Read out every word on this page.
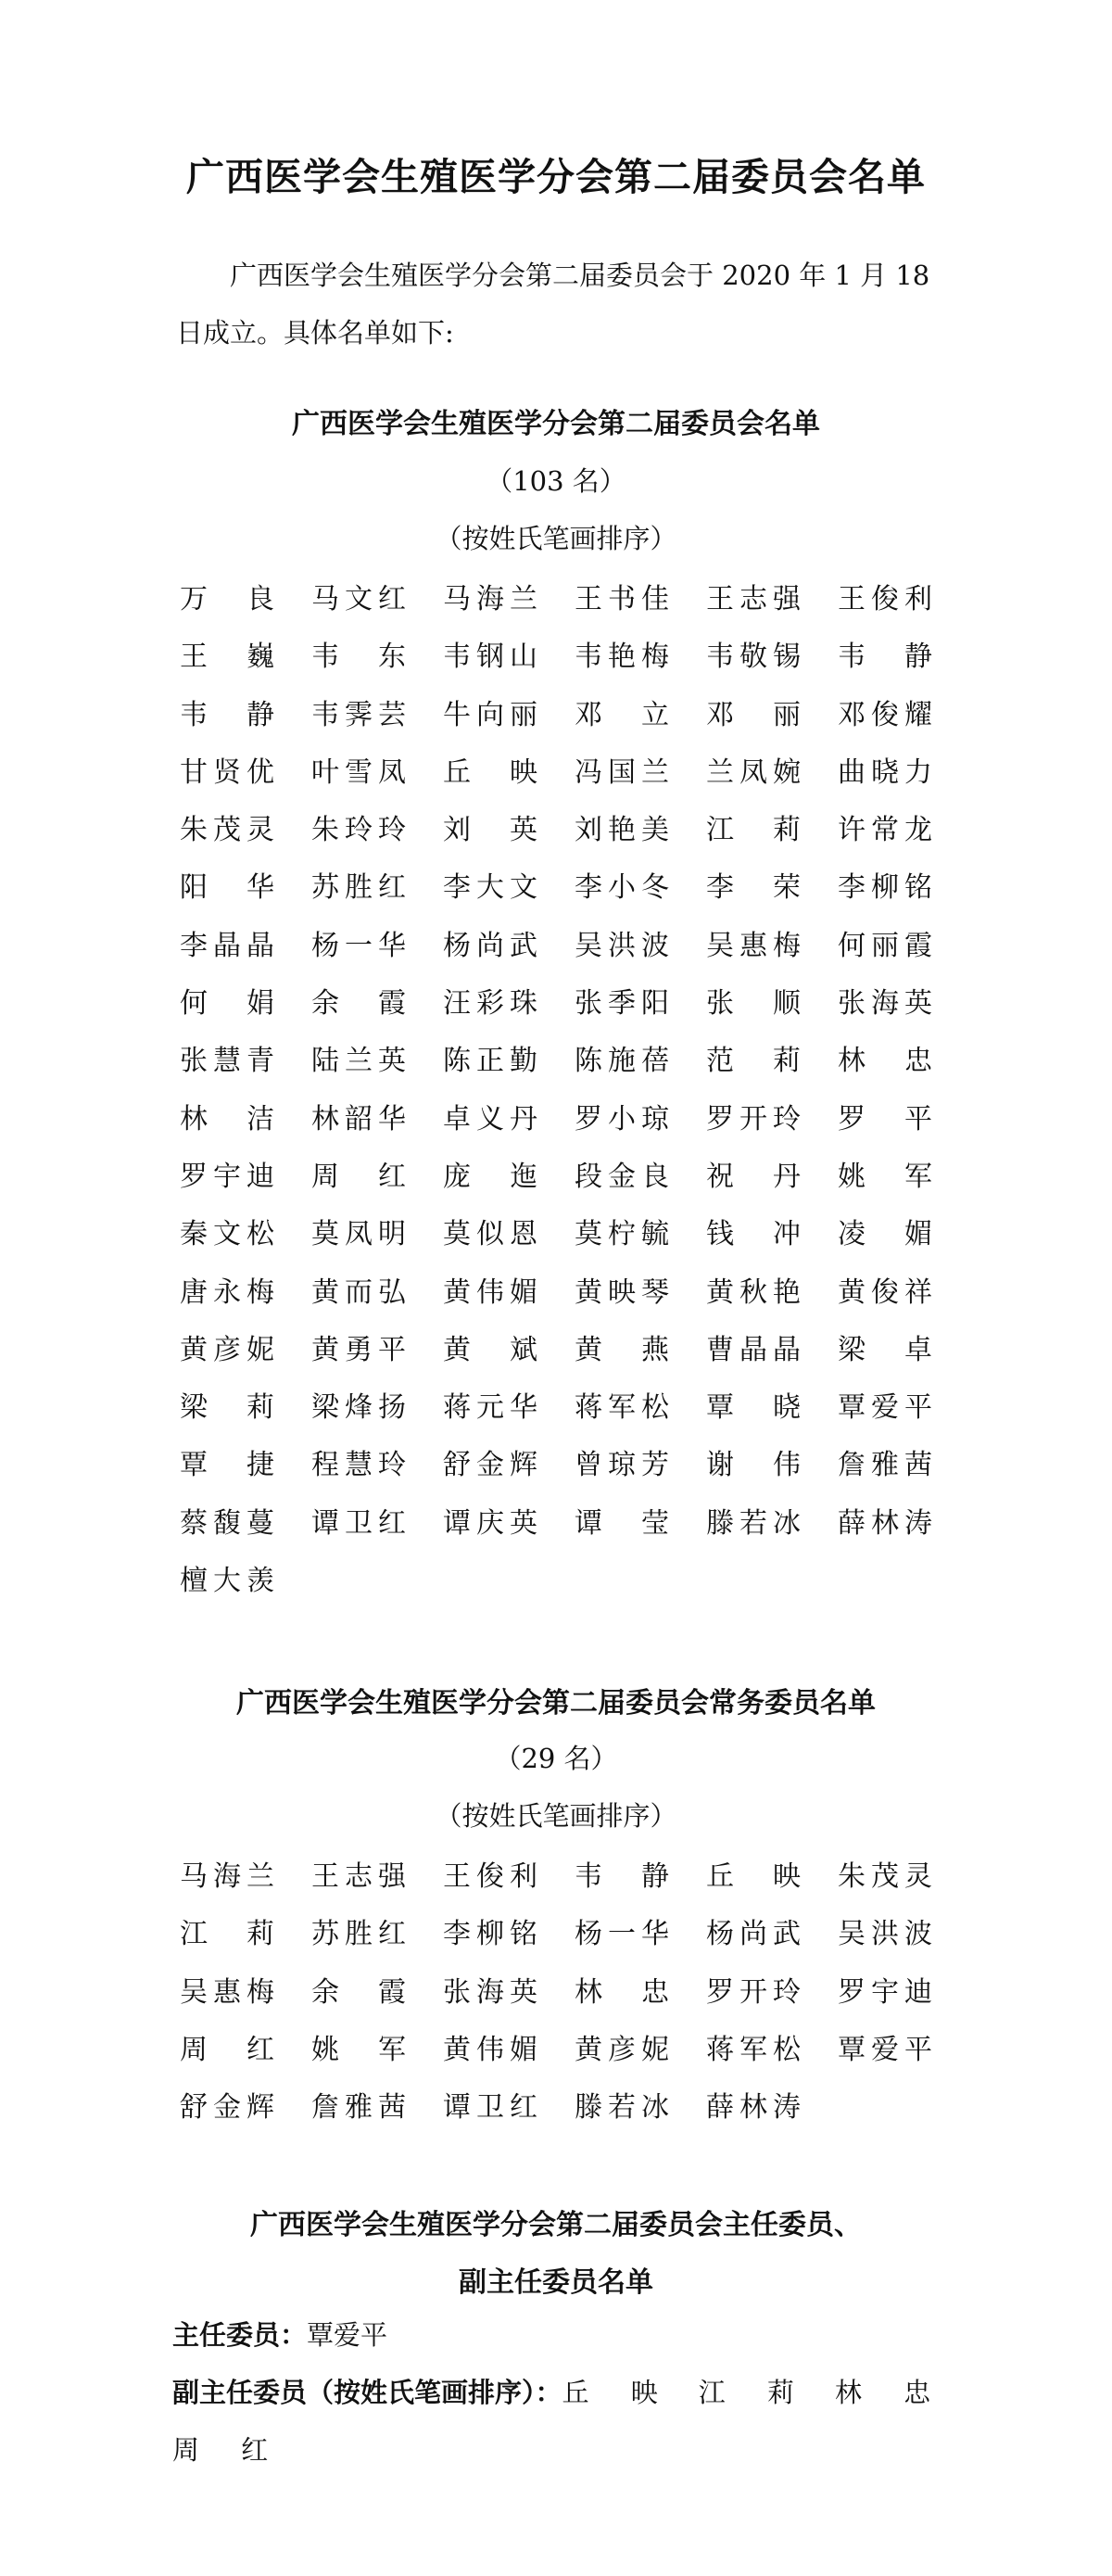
广西医学会生殖医学分会第二届委员会名单
广西医学会生殖医学分会第二届委员会于 2020 年 1 月 18
日成立。具体名单如下:
广西医学会生殖医学分会第二届委员会名单
（103 名）
（按姓氏笔画排序）
万 良 马 文 红 马 海 兰 王 书 佳 王 志 强 王 俊 利
王 巍 韦 东 韦 钢 山 韦 艳 梅 韦 敬 锡 韦 静
韦 静 韦 霁 芸 牛 向 丽 邓 立 邓 丽 邓 俊 耀
甘 贤 优 叶 雪 凤 丘 映 冯 国 兰 兰 凤 婉 曲 晓 力
朱 茂 灵 朱 玲 玲 刘 英 刘 艳 美 江 莉 许 常 龙
阳 华 苏 胜 红 李 大 文 李 小 冬 李 荣 李 柳 铭
李 晶 晶 杨 一 华 杨 尚 武 吴 洪 波 吴 惠 梅 何 丽 霞
何 娟 余 霞 汪 彩 珠 张 季 阳 张 顺 张 海 英
张 慧 青 陆 兰 英 陈 正 勤 陈 施 蓓 范 莉 林 忠
林 洁 林 韶 华 卓 义 丹 罗 小 琼 罗 开 玲 罗 平
罗 宇 迪 周 红 庞 迤 段 金 良 祝 丹 姚 军
秦 文 松 莫 凤 明 莫 似 恩 莫 柠 毓 钱 冲 凌 媚
唐 永 梅 黄 而 弘 黄 伟 媚 黄 映 琴 黄 秋 艳 黄 俊 祥
黄 彦 妮 黄 勇 平 黄 斌 黄 燕 曹 晶 晶 梁 卓
梁 莉 梁 烽 扬 蒋 元 华 蒋 军 松 覃 晓 覃 爱 平
覃 捷 程 慧 玲 舒 金 辉 曾 琼 芳 谢 伟 詹 雅 茜
蔡 馥 蔓 谭 卫 红 谭 庆 英 谭 莹 滕 若 冰 薛 林 涛
檀 大 羡
广西医学会生殖医学分会第二届委员会常务委员名单
（29 名）
（按姓氏笔画排序）
马 海 兰 王 志 强 王 俊 利 韦 静 丘 映 朱 茂 灵
江 莉 苏 胜 红 李 柳 铭 杨 一 华 杨 尚 武 吴 洪 波
吴 惠 梅 余 霞 张 海 英 林 忠 罗 开 玲 罗 宇 迪
周 红 姚 军 黄 伟 媚 黄 彦 妮 蒋 军 松 覃 爱 平
舒 金 辉 詹 雅 茜 谭 卫 红 滕 若 冰 薛 林 涛
广西医学会生殖医学分会第二届委员会主任委员、
副主任委员名单
主任委员：覃爱平
副主任委员（按姓氏笔画排序）：丘 映 江 莉 林 忠
周 红
